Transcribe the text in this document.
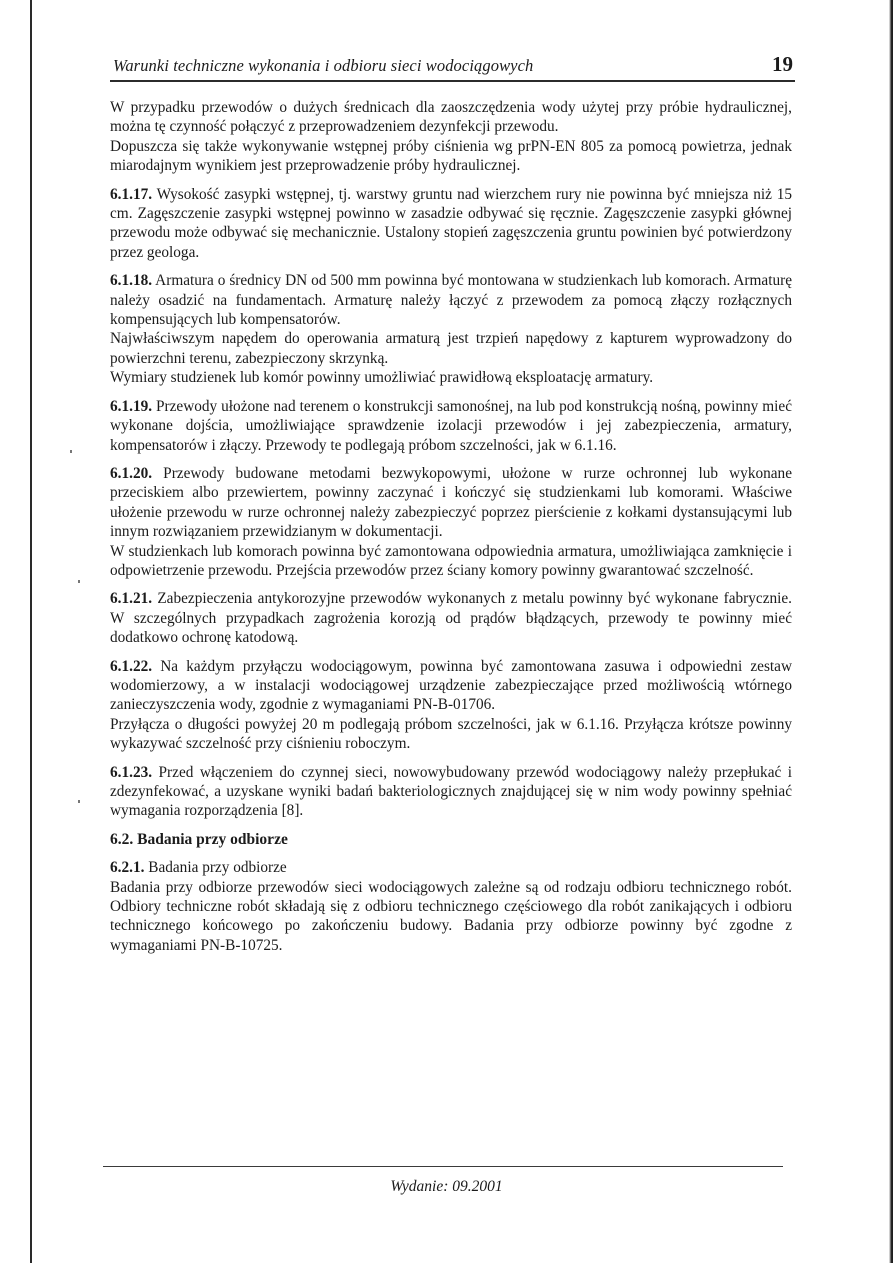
Warunki techniczne wykonania i odbioru sieci wodociągowych	19

W przypadku przewodów o dużych średnicach dla zaoszczędzenia wody użytej przy próbie hydraulicznej, można tę czynność połączyć z przeprowadzeniem dezynfekcji przewodu.

Dopuszcza się także wykonywanie wstępnej próby ciśnienia wg prPN-EN 805 za pomocą powietrza, jednak miarodajnym wynikiem jest przeprowadzenie próby hydraulicznej.

6.1.17. Wysokość zasypki wstępnej, tj. warstwy gruntu nad wierzchem rury nie powinna być mniejsza niż 15 cm. Zagęszczenie zasypki wstępnej powinno w zasadzie odbywać się ręcznie. Zagęszczenie zasypki głównej przewodu może odbywać się mechanicznie. Ustalony stopień zagęszczenia gruntu powinien być potwierdzony przez geologa.

6.1.18. Armatura o średnicy DN od 500 mm powinna być montowana w studzienkach lub komorach. Armaturę należy osadzić na fundamentach. Armaturę należy łączyć z przewodem za pomocą złączy rozłącznych kompensujących lub kompensatorów.

Najwłaściwszym napędem do operowania armaturą jest trzpień napędowy z kapturem wyprowadzony do powierzchni terenu, zabezpieczony skrzynką.

Wymiary studzienek lub komór powinny umożliwiać prawidłową eksploatację armatury.

6.1.19. Przewody ułożone nad terenem o konstrukcji samonośnej, na lub pod konstrukcją nośną, powinny mieć wykonane dojścia, umożliwiające sprawdzenie izolacji przewodów i jej zabezpieczenia, armatury, kompensatorów i złączy. Przewody te podlegają próbom szczelności, jak w 6.1.16.

6.1.20. Przewody budowane metodami bezwykopowymi, ułożone w rurze ochronnej lub wykonane przeciskiem albo przewiertem, powinny zaczynać i kończyć się studzienkami lub komorami. Właściwe ułożenie przewodu w rurze ochronnej należy zabezpieczyć poprzez pierścienie z kołkami dystansującymi lub innym rozwiązaniem przewidzianym w dokumentacji.

W studzienkach lub komorach powinna być zamontowana odpowiednia armatura, umożliwiająca zamknięcie i odpowietrzenie przewodu. Przejścia przewodów przez ściany komory powinny gwarantować szczelność.

6.1.21. Zabezpieczenia antykorozyjne przewodów wykonanych z metalu powinny być wykonane fabrycznie. W szczególnych przypadkach zagrożenia korozją od prądów błądzących, przewody te powinny mieć dodatkowo ochronę katodową.

6.1.22. Na każdym przyłączu wodociągowym, powinna być zamontowana zasuwa i odpowiedni zestaw wodomierzowy, a w instalacji wodociągowej urządzenie zabezpieczające przed możliwością wtórnego zanieczyszczenia wody, zgodnie z wymaganiami PN-B-01706.

Przyłącza o długości powyżej 20 m podlegają próbom szczelności, jak w 6.1.16. Przyłącza krótsze powinny wykazywać szczelność przy ciśnieniu roboczym.

6.1.23. Przed włączeniem do czynnej sieci, nowowybudowany przewód wodociągowy należy przepłukać i zdezynfekować, a uzyskane wyniki badań bakteriologicznych znajdującej się w nim wody powinny spełniać wymagania rozporządzenia [8].

6.2. Badania przy odbiorze

6.2.1. Badania przy odbiorze

Badania przy odbiorze przewodów sieci wodociągowych zależne są od rodzaju odbioru technicznego robót. Odbiory techniczne robót składają się z odbioru technicznego częściowego dla robót zanikających i odbioru technicznego końcowego po zakończeniu budowy. Badania przy odbiorze powinny być zgodne z wymaganiami PN-B-10725.

Wydanie: 09.2001
